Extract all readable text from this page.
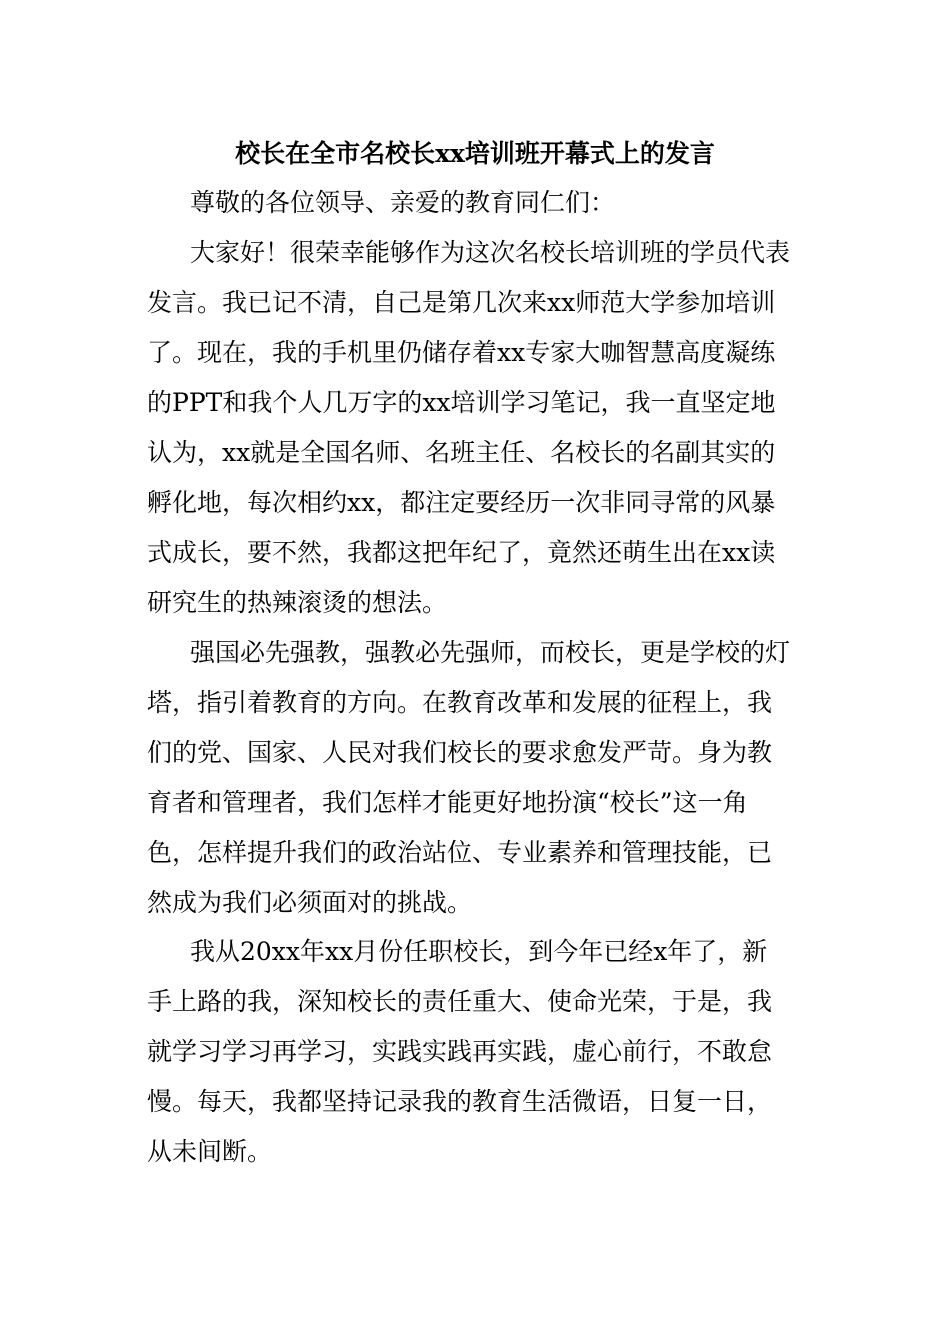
校长在全市名校长xx培训班开幕式上的发言

尊敬的各位领导、亲爱的教育同仁们：

大家好！很荣幸能够作为这次名校长培训班的学员代表

发言。我已记不清，自己是第几次来xx师范大学参加培训

了。现在，我的手机里仍储存着xx专家大咖智慧高度凝练

的PPT和我个人几万字的xx培训学习笔记，我一直坚定地

认为，xx就是全国名师、名班主任、名校长的名副其实的

孵化地，每次相约xx，都注定要经历一次非同寻常的风暴

式成长，要不然，我都这把年纪了，竟然还萌生出在xx读

研究生的热辣滚烫的想法。

强国必先强教，强教必先强师，而校长，更是学校的灯

塔，指引着教育的方向。在教育改革和发展的征程上，我

们的党、国家、人民对我们校长的要求愈发严苛。身为教

育者和管理者，我们怎样才能更好地扮演“校长”这一角

色，怎样提升我们的政治站位、专业素养和管理技能，已

然成为我们必须面对的挑战。

我从20xx年xx月份任职校长，到今年已经x年了，新

手上路的我，深知校长的责任重大、使命光荣，于是，我

就学习学习再学习，实践实践再实践，虚心前行，不敢怠

慢。每天，我都坚持记录我的教育生活微语，日复一日，

从未间断。
